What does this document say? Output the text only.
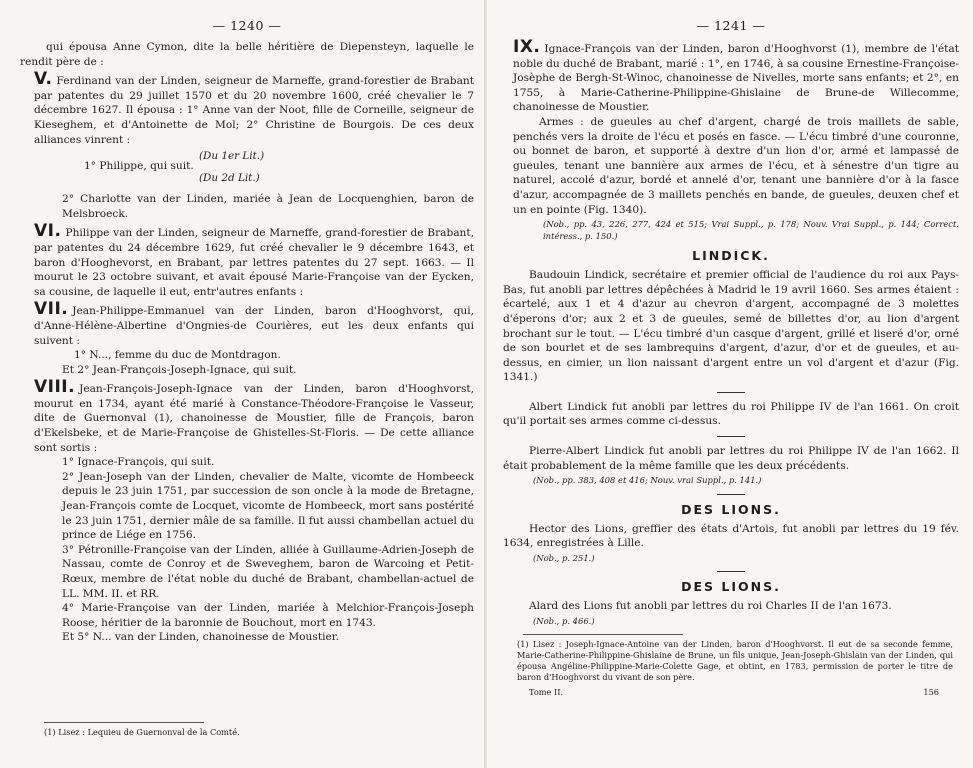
— 1240 —

qui épousa Anne Cymon, dite la belle héritière de Diepensteyn, laquelle le rendit père de :

V. Ferdinand van der Linden, seigneur de Marneffe, grand-forestier de Brabant par patentes du 29 juillet 1570 et du 20 novembre 1600, créé chevalier le 7 décembre 1627. Il épousa : 1° Anne van der Noot, fille de Corneille, seigneur de Kieseghem, et d'Antoinette de Mol; 2° Christine de Bourgois. De ces deux alliances vinrent :

(Du 1er Lit.)
1° Philippe, qui suit.
(Du 2d Lit.)

2° Charlotte van der Linden, mariée à Jean de Locquenghien, baron de Melsbroeck.

VI. Philippe van der Linden, seigneur de Marneffe, grand-forestier de Brabant, par patentes du 24 décembre 1629, fut créé chevalier le 9 décembre 1643, et baron d'Hooghevorst, en Brabant, par lettres patentes du 27 sept. 1663. — Il mourut le 23 octobre suivant, et avait épousé Marie-Françoise van der Eycken, sa cousine, de laquelle il eut, entr'autres enfants :

VII. Jean-Philippe-Emmanuel van der Linden, baron d'Hooghvorst, qui, d'Anne-Hélène-Albertine d'Ongnies-de Courières, eut les deux enfants qui suivent :

1° N..., femme du duc de Montdragon.

Et 2° Jean-François-Joseph-Ignace, qui suit.

VIII. Jean-François-Joseph-Ignace van der Linden, baron d'Hooghvorst, mourut en 1734, ayant été marié à Constance-Théodore-Françoise le Vasseur, dite de Guernonval (1), chanoinesse de Moustier, fille de François, baron d'Ekelsbeke, et de Marie-Françoise de Ghistelles-St-Floris. — De cette alliance sont sortis :

1° Ignace-François, qui suit.

2° Jean-Joseph van der Linden, chevalier de Malte, vicomte de Hombeeck depuis le 23 juin 1751, par succession de son oncle à la mode de Bretagne, Jean-François comte de Locquet, vicomte de Hombeeck, mort sans postérité le 23 juin 1751, dernier mâle de sa famille. Il fut aussi chambellan actuel du prince de Liége en 1756.

3° Pétronille-Françoise van der Linden, alliée à Guillaume-Adrien-Joseph de Nassau, comte de Conroy et de Sweveghem, baron de Warcoing et Petit-Rœux, membre de l'état noble du duché de Brabant, chambellan-actuel de LL. MM. II. et RR.

4° Marie-Françoise van der Linden, mariée à Melchior-François-Joseph Roose, héritier de la baronnie de Bouchout, mort en 1743.

Et 5° N... van der Linden, chanoinesse de Moustier.

(1) Lisez : Lequieu de Guernonval de la Comté.
— 1241 —

IX. Ignace-François van der Linden, baron d'Hooghvorst (1), membre de l'état noble du duché de Brabant, marié : 1°, en 1746, à sa cousine Ernestine-Françoise-Josèphe de Bergh-St-Winoc, chanoinesse de Nivelles, morte sans enfants; et 2°, en 1755, à Marie-Catherine-Philippine-Ghislaine de Brune-de Willecomme, chanoinesse de Moustier.

Armes : de gueules au chef d'argent, chargé de trois maillets de sable, penchés vers la droite de l'écu et posés en fasce. — L'écu timbré d'une couronne, ou bonnet de baron, et supporté à dextre d'un lion d'or, armé et lampassé de gueules, tenant une bannière aux armes de l'écu, et à sénestre d'un tigre au naturel, accolé d'azur, bordé et annelé d'or, tenant une bannière d'or à la fasce d'azur, accompagnée de 3 maillets penchés en bande, de gueules, deuxen chef et un en pointe (Fig. 1340).

(Nob., pp. 43, 226, 277, 424 et 515; Vrai Suppl., p. 178; Nouv. Vrai Suppl., p. 144; Correct. intéress., p. 150.)

LINDICK.

Baudouin Lindick, secrétaire et premier official de l'audience du roi aux Pays-Bas, fut anobli par lettres dépêchées à Madrid le 19 avril 1660. Ses armes étaient : écartelé, aux 1 et 4 d'azur au chevron d'argent, accompagné de 3 molettes d'éperons d'or; aux 2 et 3 de gueules, semé de billettes d'or, au lion d'argent brochant sur le tout. — L'écu timbré d'un casque d'argent, grillé et liseré d'or, orné de son bourlet et de ses lambrequins d'argent, d'azur, d'or et de gueules, et au-dessus, en cimier, un lion naissant d'argent entre un vol d'argent et d'azur (Fig. 1341.)

Albert Lindick fut anobli par lettres du roi Philippe IV de l'an 1661. On croit qu'il portait ses armes comme ci-dessus.

Pierre-Albert Lindick fut anobli par lettres du roi Philippe IV de l'an 1662. Il était probablement de la même famille que les deux précédents.

(Nob., pp. 383, 408 et 416; Nouv. vrai Suppl., p. 141.)

DES LIONS.

Hector des Lions, greffier des états d'Artois, fut anobli par lettres du 19 fév. 1634, enregistrées à Lille.

(Nob., p. 251.)

DES LIONS.

Alard des Lions fut anobli par lettres du roi Charles II de l'an 1673.

(Nob., p. 466.)

(1) Lisez : Joseph-Ignace-Antoine van der Linden, baron d'Hooghvorst. Il eut de sa seconde femme, Marie-Catherine-Philippine-Ghislaine de Brune, un fils unique, Jean-Joseph-Ghislain van der Linden, qui épousa Angéline-Philippine-Marie-Colette Gage, et obtint, en 1783, permission de porter le titre de baron d'Hooghvorst du vivant de son père.

Tome II.	156
